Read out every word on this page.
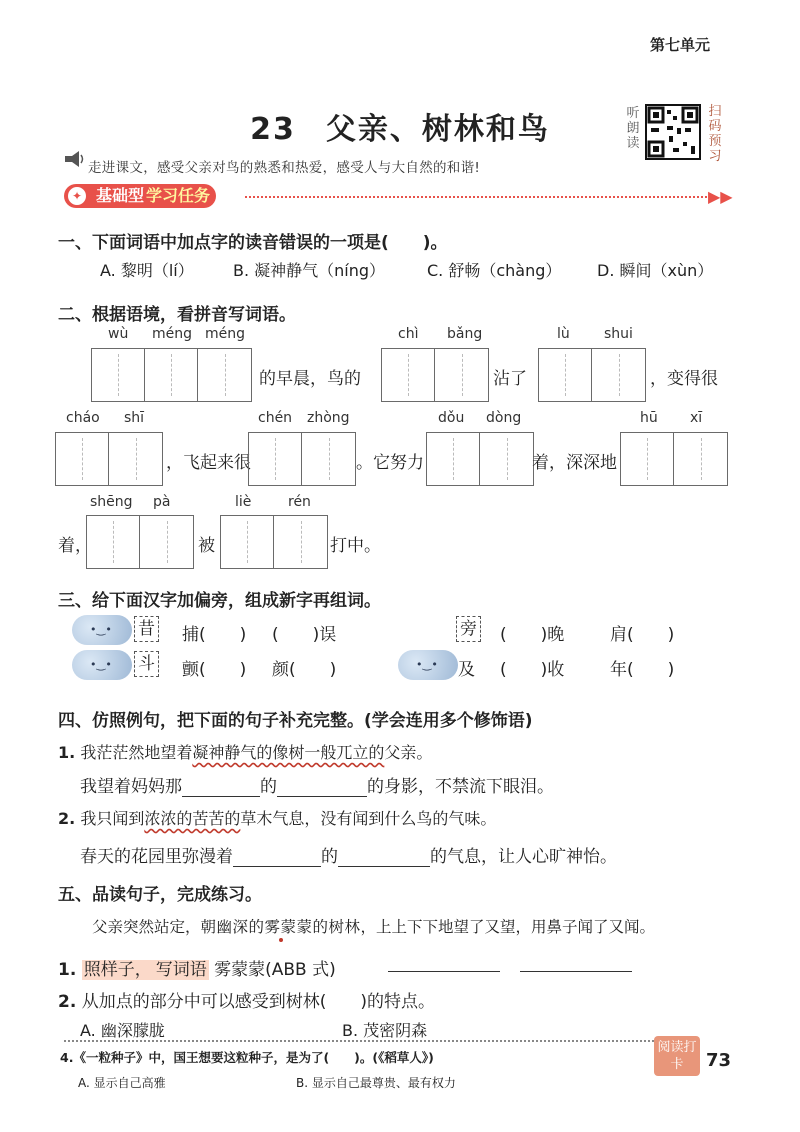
第七单元
23 父亲、树林和鸟	听朗读
扫码预习
走进课文，感受父亲对鸟的熟悉和热爱，感受人与大自然的和谐!
✦ 基础型 学习任务	▶▶
一、下面词语中加点字的读音错误的一项是(　　)。
A. 黎明（lí） B. 凝神静气（níng）	C. 舒畅（chàng） D. 瞬间（xùn）
二、根据语境，看拼音写词语。
wù méng méng
的早晨，鸟的
chì bǎng
沾了
lù shui
，变得很
cháo shī
，飞起来很
chén zhòng
。它努力
dǒu dòng
着，深深地
hū xī
着，
shēng pà
被
liè	rén
打中。
三、给下面汉字加偏旁，组成新字再组词。
•‿• 昔 捕(　　) (　　)误	旁 (　　)晚	肩(　　)
•‿• 斗 颤(　　) 颜(　　)	•‿• 及 (　　)收	年(　　)
四、仿照例句，把下面的句子补充完整。(学会连用多个修饰语)
1. 我茫茫然地望着凝神静气的像树一般兀立的父亲。
我望着妈妈那	的	的身影，不禁流下眼泪。
2. 我只闻到浓浓的苦苦的草木气息，没有闻到什么鸟的气味。
春天的花园里弥漫着	的	的气息，让人心旷神怡。
五、品读句子，完成练习。
父亲突然站定，朝幽深的雾蒙蒙的树林，上上下下地望了又望，用鼻子闻了又闻。
1. 照样子， 写词语 雾蒙蒙(ABB 式)
2. 从加点的部分中可以感受到树林(　　)的特点。
A. 幽深朦胧	B. 茂密阴森
4.《一粒种子》中，国王想要这粒种子，是为了(　　)。(《稻草人》)
A. 显示自己高雅	B. 显示自己最尊贵、最有权力
阅读打卡	73
